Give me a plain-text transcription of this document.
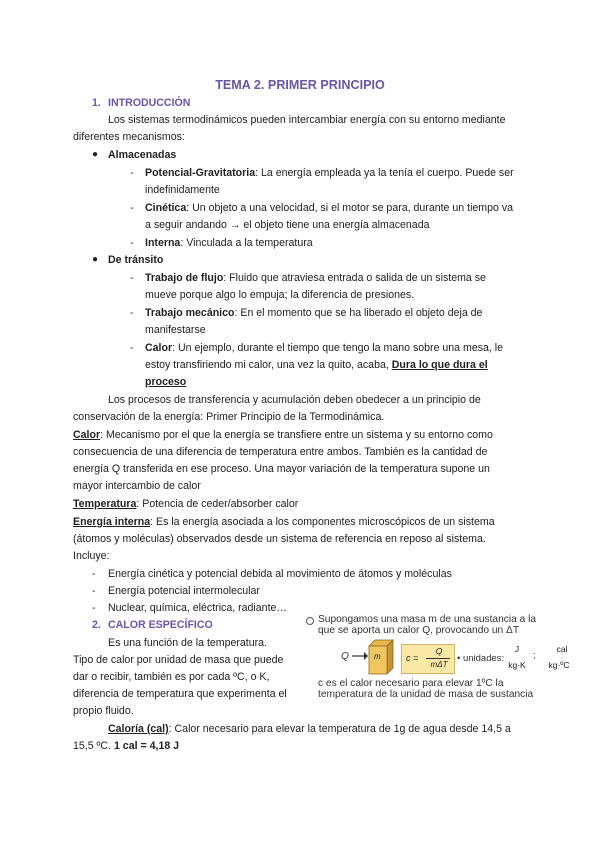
TEMA 2. PRIMER PRINCIPIO
1. INTRODUCCIÓN
Los sistemas termodinámicos pueden intercambiar energía con su entorno mediante
diferentes mecanismos:
● Almacenadas
- Potencial-Gravitatoria: La energía empleada ya la tenía el cuerpo. Puede ser
indefinidamente
- Cinética: Un objeto a una velocidad, si el motor se para, durante un tiempo va
a seguir andando → el objeto tiene una energía almacenada
- Interna: Vinculada a la temperatura
● De tránsito
- Trabajo de flujo: Fluido que atraviesa entrada o salida de un sistema se
mueve porque algo lo empuja; la diferencia de presiones.
- Trabajo mecánico: En el momento que se ha liberado el objeto deja de
manifestarse
- Calor: Un ejemplo, durante el tiempo que tengo la mano sobre una mesa, le
estoy transfiriendo mi calor, una vez la quito, acaba, Dura lo que dura el
proceso
Los procesos de transferencia y acumulación deben obedecer a un principio de
conservación de la energía: Primer Principio de la Termodinámica.
Calor: Mecanismo por el que la energía se transfiere entre un sistema y su entorno como
consecuencia de una diferencia de temperatura entre ambos. También es la cantidad de
energía Q transferida en ese proceso. Una mayor variación de la temperatura supone un
mayor intercambio de calor
Temperatura: Potencia de ceder/absorber calor
Energía interna: Es la energía asociada a los componentes microscópicos de un sistema
(átomos y moléculas) observados desde un sistema de referencia en reposo al sistema.
Incluye:
- Energía cinética y potencial debida al movimiento de átomos y moléculas
- Energía potencial intermolecular
- Nuclear, química, eléctrica, radiante…
2. CALOR ESPECÍFICO
Es una función de la temperatura.
Tipo de calor por unidad de masa que puede
dar o recibir, también es por cada ºC, o K,
diferencia de temperatura que experimenta el
propio fluido.
Caloría (cal): Calor necesario para elevar la temperatura de 1g de agua desde 14,5 a
15,5 ºC. 1 cal = 4,18 J
Supongamos una masa m de una sustancia a la
que se aporta un calor Q, provocando un ΔT
Q	m	c =
Q
mΔT
• unidades:
J
kg·K
;
cal
kg·ºC
c es el calor necesario para elevar 1ºC la
temperatura de la unidad de masa de sustancia
